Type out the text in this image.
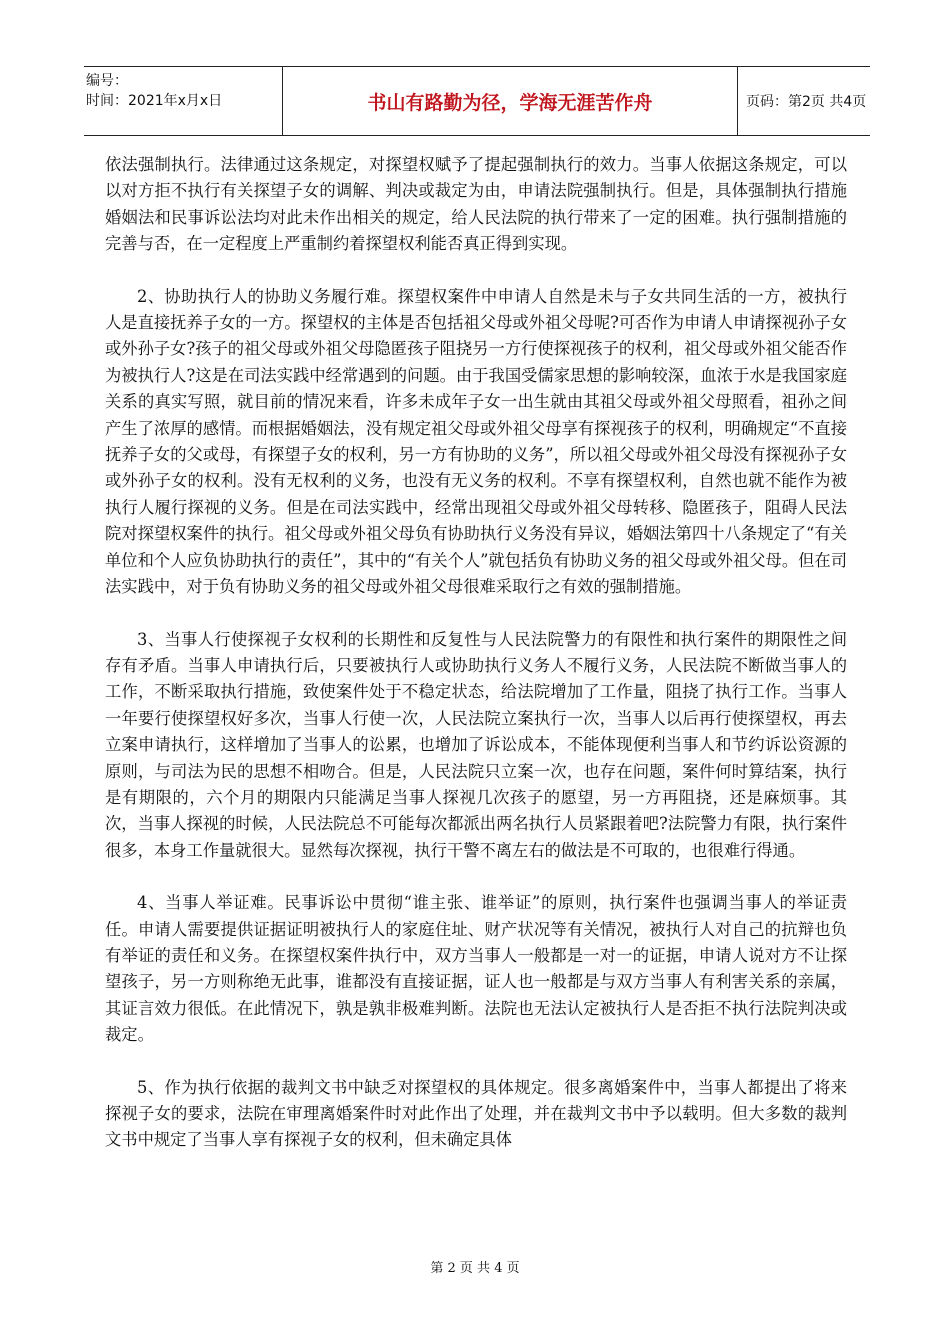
编号：
时间：2021年x月x日	书山有路勤为径，学海无涯苦作舟	页码：第2页 共4页

依法强制执行。法律通过这条规定，对探望权赋予了提起强制执行的效力。当事人依据这条规定，可以以对方拒不执行有关探望子女的调解、判决或裁定为由，申请法院强制执行。但是，具体强制执行措施婚姻法和民事诉讼法均对此未作出相关的规定，给人民法院的执行带来了一定的困难。执行强制措施的完善与否，在一定程度上严重制约着探望权利能否真正得到实现。

2、协助执行人的协助义务履行难。探望权案件中申请人自然是未与子女共同生活的一方，被执行人是直接抚养子女的一方。探望权的主体是否包括祖父母或外祖父母呢?可否作为申请人申请探视孙子女或外孙子女?孩子的祖父母或外祖父母隐匿孩子阻挠另一方行使探视孩子的权利，祖父母或外祖父能否作为被执行人?这是在司法实践中经常遇到的问题。由于我国受儒家思想的影响较深，血浓于水是我国家庭关系的真实写照，就目前的情况来看，许多未成年子女一出生就由其祖父母或外祖父母照看，祖孙之间产生了浓厚的感情。而根据婚姻法，没有规定祖父母或外祖父母享有探视孩子的权利，明确规定“不直接抚养子女的父或母，有探望子女的权利，另一方有协助的义务”，所以祖父母或外祖父母没有探视孙子女或外孙子女的权利。没有无权利的义务，也没有无义务的权利。不享有探望权利，自然也就不能作为被执行人履行探视的义务。但是在司法实践中，经常出现祖父母或外祖父母转移、隐匿孩子，阻碍人民法院对探望权案件的执行。祖父母或外祖父母负有协助执行义务没有异议，婚姻法第四十八条规定了“有关单位和个人应负协助执行的责任”，其中的“有关个人”就包括负有协助义务的祖父母或外祖父母。但在司法实践中，对于负有协助义务的祖父母或外祖父母很难采取行之有效的强制措施。

3、当事人行使探视子女权利的长期性和反复性与人民法院警力的有限性和执行案件的期限性之间存有矛盾。当事人申请执行后，只要被执行人或协助执行义务人不履行义务，人民法院不断做当事人的工作，不断采取执行措施，致使案件处于不稳定状态，给法院增加了工作量，阻挠了执行工作。当事人一年要行使探望权好多次，当事人行使一次，人民法院立案执行一次，当事人以后再行使探望权，再去立案申请执行，这样增加了当事人的讼累，也增加了诉讼成本，不能体现便利当事人和节约诉讼资源的原则，与司法为民的思想不相吻合。但是，人民法院只立案一次，也存在问题，案件何时算结案，执行是有期限的，六个月的期限内只能满足当事人探视几次孩子的愿望，另一方再阻挠，还是麻烦事。其次，当事人探视的时候，人民法院总不可能每次都派出两名执行人员紧跟着吧?法院警力有限，执行案件很多，本身工作量就很大。显然每次探视，执行干警不离左右的做法是不可取的，也很难行得通。

4、当事人举证难。民事诉讼中贯彻“谁主张、谁举证”的原则，执行案件也强调当事人的举证责任。申请人需要提供证据证明被执行人的家庭住址、财产状况等有关情况，被执行人对自己的抗辩也负有举证的责任和义务。在探望权案件执行中，双方当事人一般都是一对一的证据，申请人说对方不让探望孩子，另一方则称绝无此事，谁都没有直接证据，证人也一般都是与双方当事人有利害关系的亲属，其证言效力很低。在此情况下，孰是孰非极难判断。法院也无法认定被执行人是否拒不执行法院判决或裁定。

5、作为执行依据的裁判文书中缺乏对探望权的具体规定。很多离婚案件中，当事人都提出了将来探视子女的要求，法院在审理离婚案件时对此作出了处理，并在裁判文书中予以载明。但大多数的裁判文书中规定了当事人享有探视子女的权利，但未确定具体

第 2 页 共 4 页
